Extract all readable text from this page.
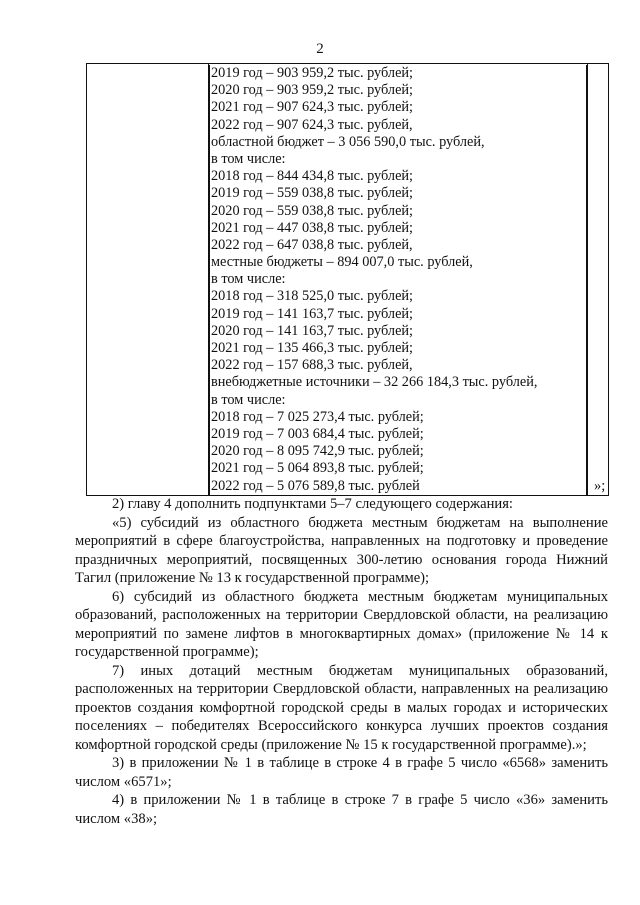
2
2019 год – 903 959,2 тыс. рублей;
2020 год – 903 959,2 тыс. рублей;
2021 год – 907 624,3 тыс. рублей;
2022 год – 907 624,3 тыс. рублей,
областной бюджет – 3 056 590,0 тыс. рублей,
в том числе:
2018 год – 844 434,8 тыс. рублей;
2019 год – 559 038,8 тыс. рублей;
2020 год – 559 038,8 тыс. рублей;
2021 год – 447 038,8 тыс. рублей;
2022 год – 647 038,8 тыс. рублей,
местные бюджеты – 894 007,0 тыс. рублей,
в том числе:
2018 год – 318 525,0 тыс. рублей;
2019 год – 141 163,7 тыс. рублей;
2020 год – 141 163,7 тыс. рублей;
2021 год – 135 466,3 тыс. рублей;
2022 год – 157 688,3 тыс. рублей,
внебюджетные источники – 32 266 184,3 тыс. рублей,
в том числе:
2018 год – 7 025 273,4 тыс. рублей;
2019 год – 7 003 684,4 тыс. рублей;
2020 год – 8 095 742,9 тыс. рублей;
2021 год – 5 064 893,8 тыс. рублей;
2022 год – 5 076 589,8 тыс. рублей	»;

2) главу 4 дополнить подпунктами 5–7 следующего содержания:

«5) субсидий из областного бюджета местным бюджетам на выполнение мероприятий в сфере благоустройства, направленных на подготовку и проведение праздничных мероприятий, посвященных 300-летию основания города Нижний Тагил (приложение № 13 к государственной программе);

6) субсидий из областного бюджета местным бюджетам муниципальных образований, расположенных на территории Свердловской области, на реализацию мероприятий по замене лифтов в многоквартирных домах» (приложение № 14 к государственной программе);

7) иных дотаций местным бюджетам муниципальных образований, расположенных на территории Свердловской области, направленных на реализацию проектов создания комфортной городской среды в малых городах и исторических поселениях – победителях Всероссийского конкурса лучших проектов создания комфортной городской среды (приложение № 15 к государственной программе).»;

3) в приложении № 1 в таблице в строке 4 в графе 5 число «6568» заменить числом «6571»;

4) в приложении № 1 в таблице в строке 7 в графе 5 число «36» заменить числом «38»;
